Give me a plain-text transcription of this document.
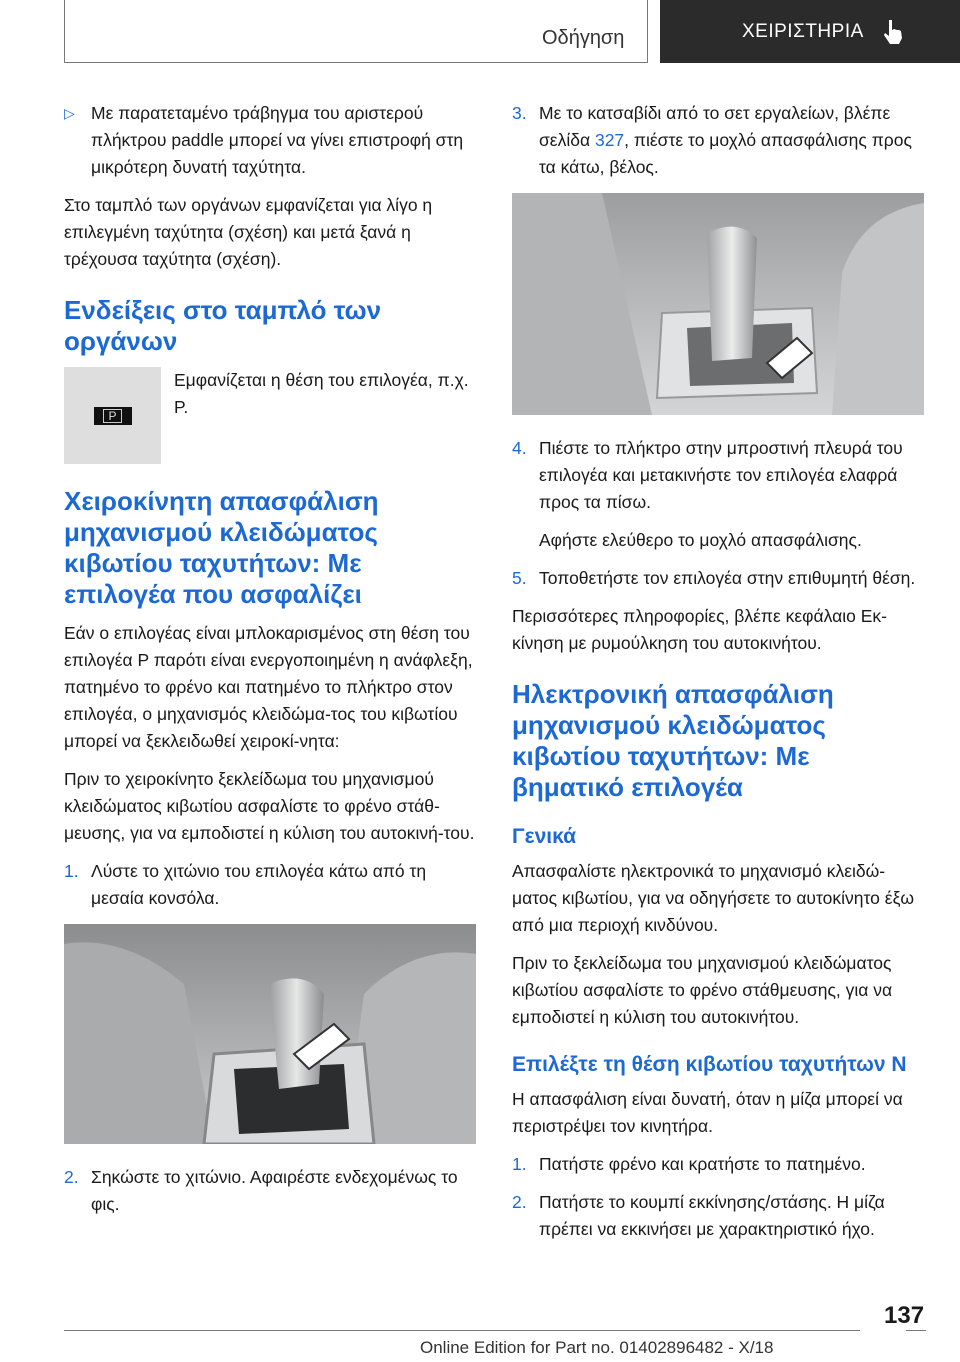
Οδήγηση	ΧΕΙΡΙΣΤΗΡΙΑ
▷ Με παρατεταμένο τράβηγμα του αριστερού πλήκτρου paddle μπορεί να γίνει επιστροφή στη μικρότερη δυνατή ταχύτητα.

Στο ταμπλό των οργάνων εμφανίζεται για λίγο η επιλεγμένη ταχύτητα (σχέση) και μετά ξανά η τρέχουσα ταχύτητα (σχέση).

Ενδείξεις στο ταμπλό των οργάνων
P

Εμφανίζεται η θέση του επιλογέα, π.χ. P.

Χειροκίνητη απασφάλιση μηχανισμού κλειδώματος κιβωτίου ταχυτήτων: Με επιλογέα που ασφαλίζει

Εάν ο επιλογέας είναι μπλοκαρισμένος στη θέση του επιλογέα P παρότι είναι ενεργοποιημένη η ανάφλεξη, πατημένο το φρένο και πατημένο το πλήκτρο στον επιλογέα, ο μηχανισμός κλειδώμα‐τος του κιβωτίου μπορεί να ξεκλειδωθεί χειροκί‐νητα:

Πριν το χειροκίνητο ξεκλείδωμα του μηχανισμού κλειδώματος κιβωτίου ασφαλίστε το φρένο στάθ‐μευσης, για να εμποδιστεί η κύλιση του αυτοκινή‐του.

1. Λύστε το χιτώνιο του επιλογέα κάτω από τη μεσαία κονσόλα.

2. Σηκώστε το χιτώνιο. Αφαιρέστε ενδεχομένως το φις.

3. Με το κατσαβίδι από το σετ εργαλείων, βλέπε σελίδα 327, πιέστε το μοχλό απασφάλισης προς τα κάτω, βέλος.

4. Πιέστε το πλήκτρο στην μπροστινή πλευρά του επιλογέα και μετακινήστε τον επιλογέα ελαφρά προς τα πίσω.

Αφήστε ελεύθερο το μοχλό απασφάλισης.

5. Τοποθετήστε τον επιλογέα στην επιθυμητή θέση.

Περισσότερες πληροφορίες, βλέπε κεφάλαιο Εκ‐κίνηση με ρυμούλκηση του αυτοκινήτου.

Ηλεκτρονική απασφάλιση μηχανισμού κλειδώματος κιβωτίου ταχυτήτων: Με βηματικό επιλογέα
Γενικά

Απασφαλίστε ηλεκτρονικά το μηχανισμό κλειδώ‐ματος κιβωτίου, για να οδηγήσετε το αυτοκίνητο έξω από μια περιοχή κινδύνου.

Πριν το ξεκλείδωμα του μηχανισμού κλειδώματος κιβωτίου ασφαλίστε το φρένο στάθμευσης, για να εμποδιστεί η κύλιση του αυτοκινήτου.

Επιλέξτε τη θέση κιβωτίου ταχυτήτων N

Η απασφάλιση είναι δυνατή, όταν η μίζα μπορεί να περιστρέψει τον κινητήρα.

1. Πατήστε φρένο και κρατήστε το πατημένο.

2. Πατήστε το κουμπί εκκίνησης/στάσης. Η μίζα πρέπει να εκκινήσει με χαρακτηριστικό ήχο.

137
Online Edition for Part no. 01402896482 - X/18
